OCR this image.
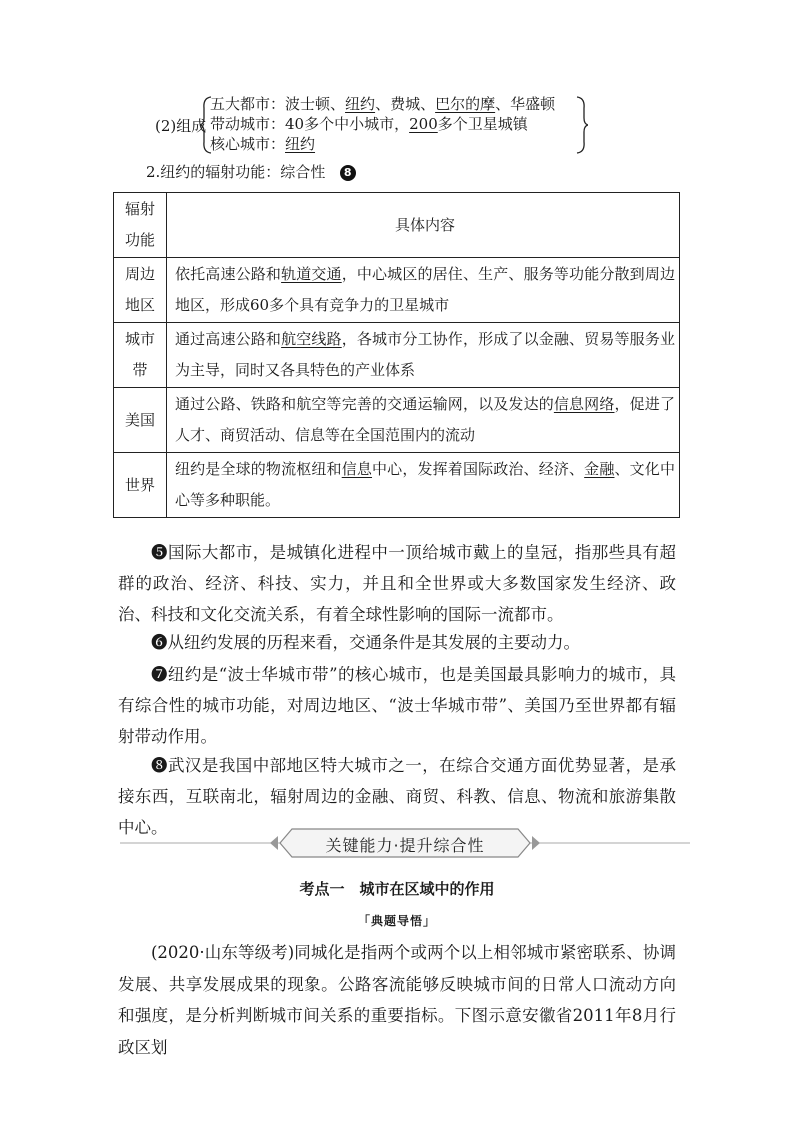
(2)组成
五大都市：波士顿、纽约、费城、巴尔的摩、华盛顿
带动城市：40多个中小城市，200多个卫星城镇
核心城市：纽约
2.纽约的辐射功能：综合性 8
辐射
功能	具体内容
周边
地区	依托高速公路和轨道交通，中心城区的居住、生产、服务等功能分散到周边地区，形成60多个具有竞争力的卫星城市
城市
带	通过高速公路和航空线路，各城市分工协作，形成了以金融、贸易等服务业为主导，同时又各具特色的产业体系
美国	通过公路、铁路和航空等完善的交通运输网，以及发达的信息网络，促进了人才、商贸活动、信息等在全国范围内的流动
世界	纽约是全球的物流枢纽和信息中心，发挥着国际政治、经济、金融、文化中心等多种职能。

❺国际大都市，是城镇化进程中一顶给城市戴上的皇冠，指那些具有超群的政治、经济、科技、实力，并且和全世界或大多数国家发生经济、政治、科技和文化交流关系，有着全球性影响的国际一流都市。

❻从纽约发展的历程来看，交通条件是其发展的主要动力。

❼纽约是“波士华城市带”的核心城市，也是美国最具影响力的城市，具有综合性的城市功能，对周边地区、“波士华城市带”、美国乃至世界都有辐射带动作用。

❽武汉是我国中部地区特大城市之一，在综合交通方面优势显著，是承接东西，互联南北，辐射周边的金融、商贸、科教、信息、物流和旅游集散中心。

关键能力·提升综合性
考点一　城市在区域中的作用
「典题导悟」

(2020·山东等级考)同城化是指两个或两个以上相邻城市紧密联系、协调发展、共享发展成果的现象。公路客流能够反映城市间的日常人口流动方向和强度，是分析判断城市间关系的重要指标。下图示意安徽省2011年8月行政区划
